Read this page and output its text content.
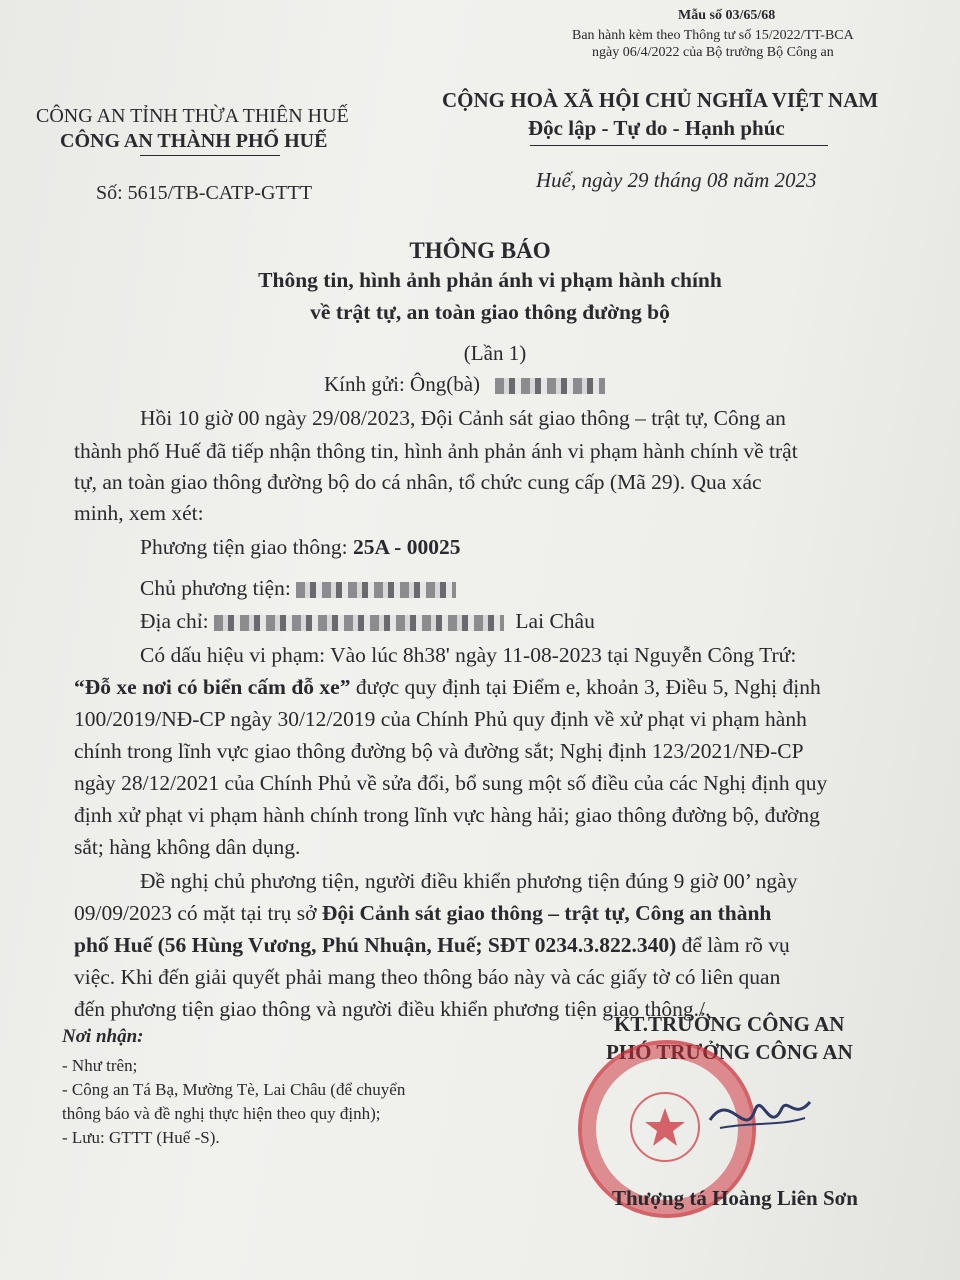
Mẫu số 03/65/68
Ban hành kèm theo Thông tư số 15/2022/TT-BCA
ngày 06/4/2022 của Bộ trưởng Bộ Công an
CÔNG AN TỈNH THỪA THIÊN HUẾ
CÔNG AN THÀNH PHỐ HUẾ
Số: 5615/TB-CATP-GTTT
CỘNG HOÀ XÃ HỘI CHỦ NGHĨA VIỆT NAM
Độc lập - Tự do - Hạnh phúc
Huế, ngày 29 tháng 08 năm 2023
THÔNG BÁO
Thông tin, hình ảnh phản ánh vi phạm hành chính
về trật tự, an toàn giao thông đường bộ
(Lần 1)
Kính gửi: Ông(bà)
Hồi 10 giờ 00 ngày 29/08/2023, Đội Cảnh sát giao thông – trật tự, Công an
thành phố Huế đã tiếp nhận thông tin, hình ảnh phản ánh vi phạm hành chính về trật
tự, an toàn giao thông đường bộ do cá nhân, tổ chức cung cấp (Mã 29). Qua xác
minh, xem xét:
Phương tiện giao thông: 25A - 00025
Chủ phương tiện:
Địa chỉ:	Lai Châu
Có dấu hiệu vi phạm: Vào lúc 8h38' ngày 11-08-2023 tại Nguyễn Công Trứ:
“Đỗ xe nơi có biển cấm đỗ xe” được quy định tại Điểm e, khoản 3, Điều 5, Nghị định
100/2019/NĐ-CP ngày 30/12/2019 của Chính Phủ quy định về xử phạt vi phạm hành
chính trong lĩnh vực giao thông đường bộ và đường sắt; Nghị định 123/2021/NĐ-CP
ngày 28/12/2021 của Chính Phủ về sửa đổi, bổ sung một số điều của các Nghị định quy
định xử phạt vi phạm hành chính trong lĩnh vực hàng hải; giao thông đường bộ, đường
sắt; hàng không dân dụng.
Đề nghị chủ phương tiện, người điều khiển phương tiện đúng 9 giờ 00’ ngày
09/09/2023 có mặt tại trụ sở Đội Cảnh sát giao thông – trật tự, Công an thành
phố Huế (56 Hùng Vương, Phú Nhuận, Huế; SĐT 0234.3.822.340) để làm rõ vụ
việc. Khi đến giải quyết phải mang theo thông báo này và các giấy tờ có liên quan
đến phương tiện giao thông và người điều khiển phương tiện giao thông./.
Nơi nhận:
- Như trên;
- Công an Tá Bạ, Mường Tè, Lai Châu (để chuyển
thông báo và đề nghị thực hiện theo quy định);
- Lưu: GTTT (Huế -S).
KT.TRƯỞNG CÔNG AN
PHÓ TRƯỞNG CÔNG AN
Thượng tá Hoàng Liên Sơn
